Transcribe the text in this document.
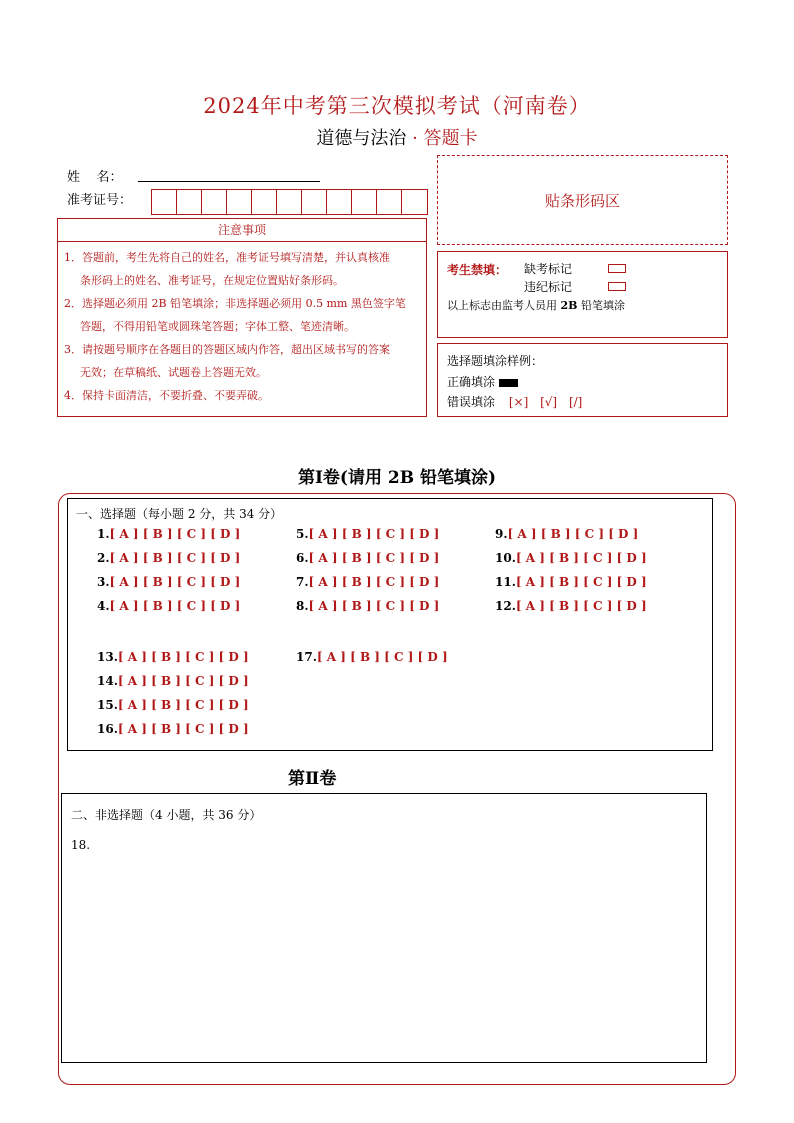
2024年中考第三次模拟考试（河南卷）
道德与法治 · 答题卡
姓    名：
准考证号：	贴条形码区
注意事项

1．答题前，考生先将自己的姓名，准考证号填写清楚，并认真核准

条形码上的姓名、准考证号，在规定位置贴好条形码。

2．选择题必须用 2B 铅笔填涂；非选择题必须用 0.5 mm 黑色签字笔

答题，不得用铅笔或圆珠笔答题；字体工整、笔迹清晰。

3．请按题号顺序在各题目的答题区域内作答，超出区域书写的答案

无效；在草稿纸、试题卷上答题无效。

4．保持卡面清洁，不要折叠、不要弄破。

考生禁填： 缺考标记
违纪标记
以上标志由监考人员用 2B 铅笔填涂
选择题填涂样例：
正确填涂
错误填涂 [×] [√] [/]
第Ⅰ卷(请用 2B 铅笔填涂)
一、选择题（每小题 2 分，共 34 分）
1.[ A ] [ B ] [ C ] [ D ]
2.[ A ] [ B ] [ C ] [ D ]
3.[ A ] [ B ] [ C ] [ D ]
4.[ A ] [ B ] [ C ] [ D ]
5.[ A ] [ B ] [ C ] [ D ]
6.[ A ] [ B ] [ C ] [ D ]
7.[ A ] [ B ] [ C ] [ D ]
8.[ A ] [ B ] [ C ] [ D ]
9.[ A ] [ B ] [ C ] [ D ]
10.[ A ] [ B ] [ C ] [ D ]
11.[ A ] [ B ] [ C ] [ D ]
12.[ A ] [ B ] [ C ] [ D ]
13.[ A ] [ B ] [ C ] [ D ]
14.[ A ] [ B ] [ C ] [ D ]
15.[ A ] [ B ] [ C ] [ D ]
16.[ A ] [ B ] [ C ] [ D ]
17.[ A ] [ B ] [ C ] [ D ]
第Ⅱ卷
二、非选择题（4 小题，共 36 分）
18.
